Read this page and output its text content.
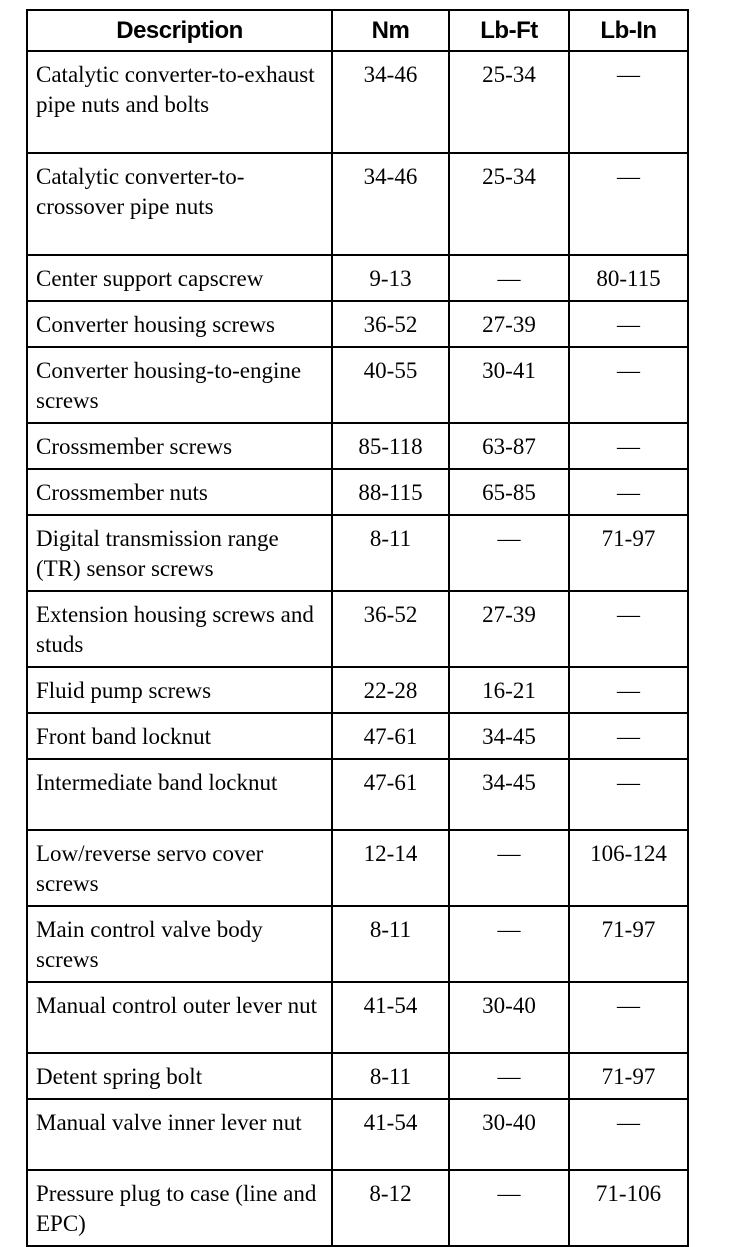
Description	Nm	Lb-Ft	Lb-In
Catalytic converter-to-exhaust pipe nuts and bolts	34-46	25-34	—
Catalytic converter-to-crossover pipe nuts	34-46	25-34	—
Center support capscrew	9-13	—	80-115
Converter housing screws	36-52	27-39	—
Converter housing-to-engine screws	40-55	30-41	—
Crossmember screws	85-118	63-87	—
Crossmember nuts	88-115	65-85	—
Digital transmission range (TR) sensor screws	8-11	—	71-97
Extension housing screws and studs	36-52	27-39	—
Fluid pump screws	22-28	16-21	—
Front band locknut	47-61	34-45	—
Intermediate band locknut	47-61	34-45	—
Low/reverse servo cover screws	12-14	—	106-124
Main control valve body screws	8-11	—	71-97
Manual control outer lever nut	41-54	30-40	—
Detent spring bolt	8-11	—	71-97
Manual valve inner lever nut	41-54	30-40	—
Pressure plug to case (line and EPC)	8-12	—	71-106
